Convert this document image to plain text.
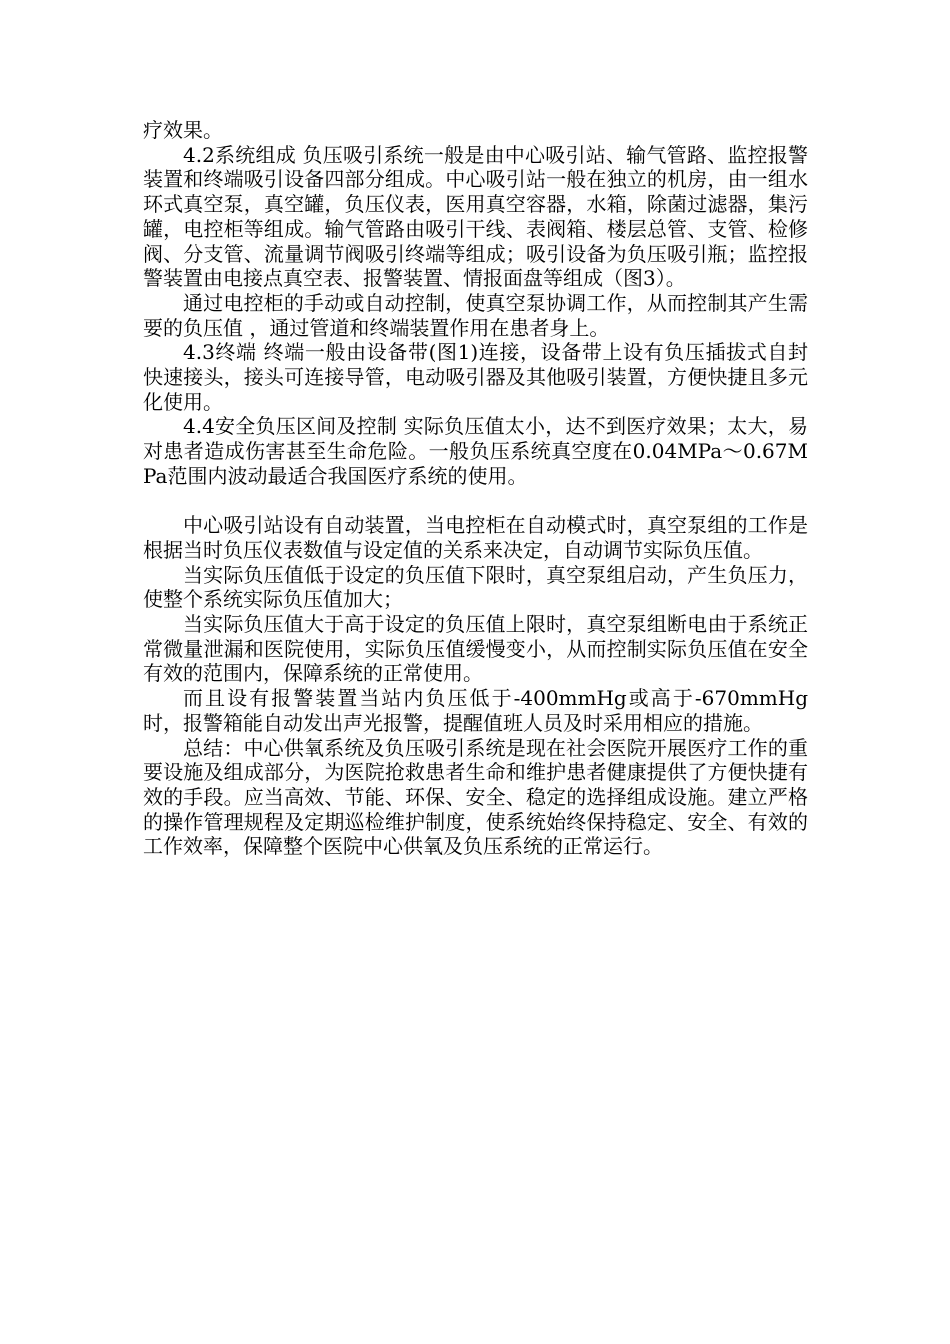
疗效果。

4.2系统组成 负压吸引系统一般是由中心吸引站、输气管路、监控报警装置和终端吸引设备四部分组成。中心吸引站一般在独立的机房，由一组水环式真空泵，真空罐，负压仪表，医用真空容器，水箱，除菌过滤器，集污罐，电控柜等组成。输气管路由吸引干线、表阀箱、楼层总管、支管、检修阀、分支管、流量调节阀吸引终端等组成；吸引设备为负压吸引瓶；监控报警装置由电接点真空表、报警装置、情报面盘等组成（图3）。

通过电控柜的手动或自动控制，使真空泵协调工作，从而控制其产生需要的负压值 ，通过管道和终端装置作用在患者身上。

4.3终端 终端一般由设备带(图1)连接，设备带上设有负压插拔式自封快速接头，接头可连接导管，电动吸引器及其他吸引装置，方便快捷且多元化使用。

4.4安全负压区间及控制 实际负压值太小，达不到医疗效果；太大，易对患者造成伤害甚至生命危险。一般负压系统真空度在0.04MPa～0.67MPa范围内波动最适合我国医疗系统的使用。

中心吸引站设有自动装置，当电控柜在自动模式时，真空泵组的工作是根据当时负压仪表数值与设定值的关系来决定，自动调节实际负压值。

当实际负压值低于设定的负压值下限时，真空泵组启动，产生负压力，使整个系统实际负压值加大；

当实际负压值大于高于设定的负压值上限时，真空泵组断电由于系统正常微量泄漏和医院使用，实际负压值缓慢变小，从而控制实际负压值在安全有效的范围内，保障系统的正常使用。

而且设有报警装置当站内负压低于-400mmHg或高于-670mmHg时，报警箱能自动发出声光报警，提醒值班人员及时采用相应的措施。

总结：中心供氧系统及负压吸引系统是现在社会医院开展医疗工作的重要设施及组成部分，为医院抢救患者生命和维护患者健康提供了方便快捷有效的手段。应当高效、节能、环保、安全、稳定的选择组成设施。建立严格的操作管理规程及定期巡检维护制度，使系统始终保持稳定、安全、有效的工作效率，保障整个医院中心供氧及负压系统的正常运行。
